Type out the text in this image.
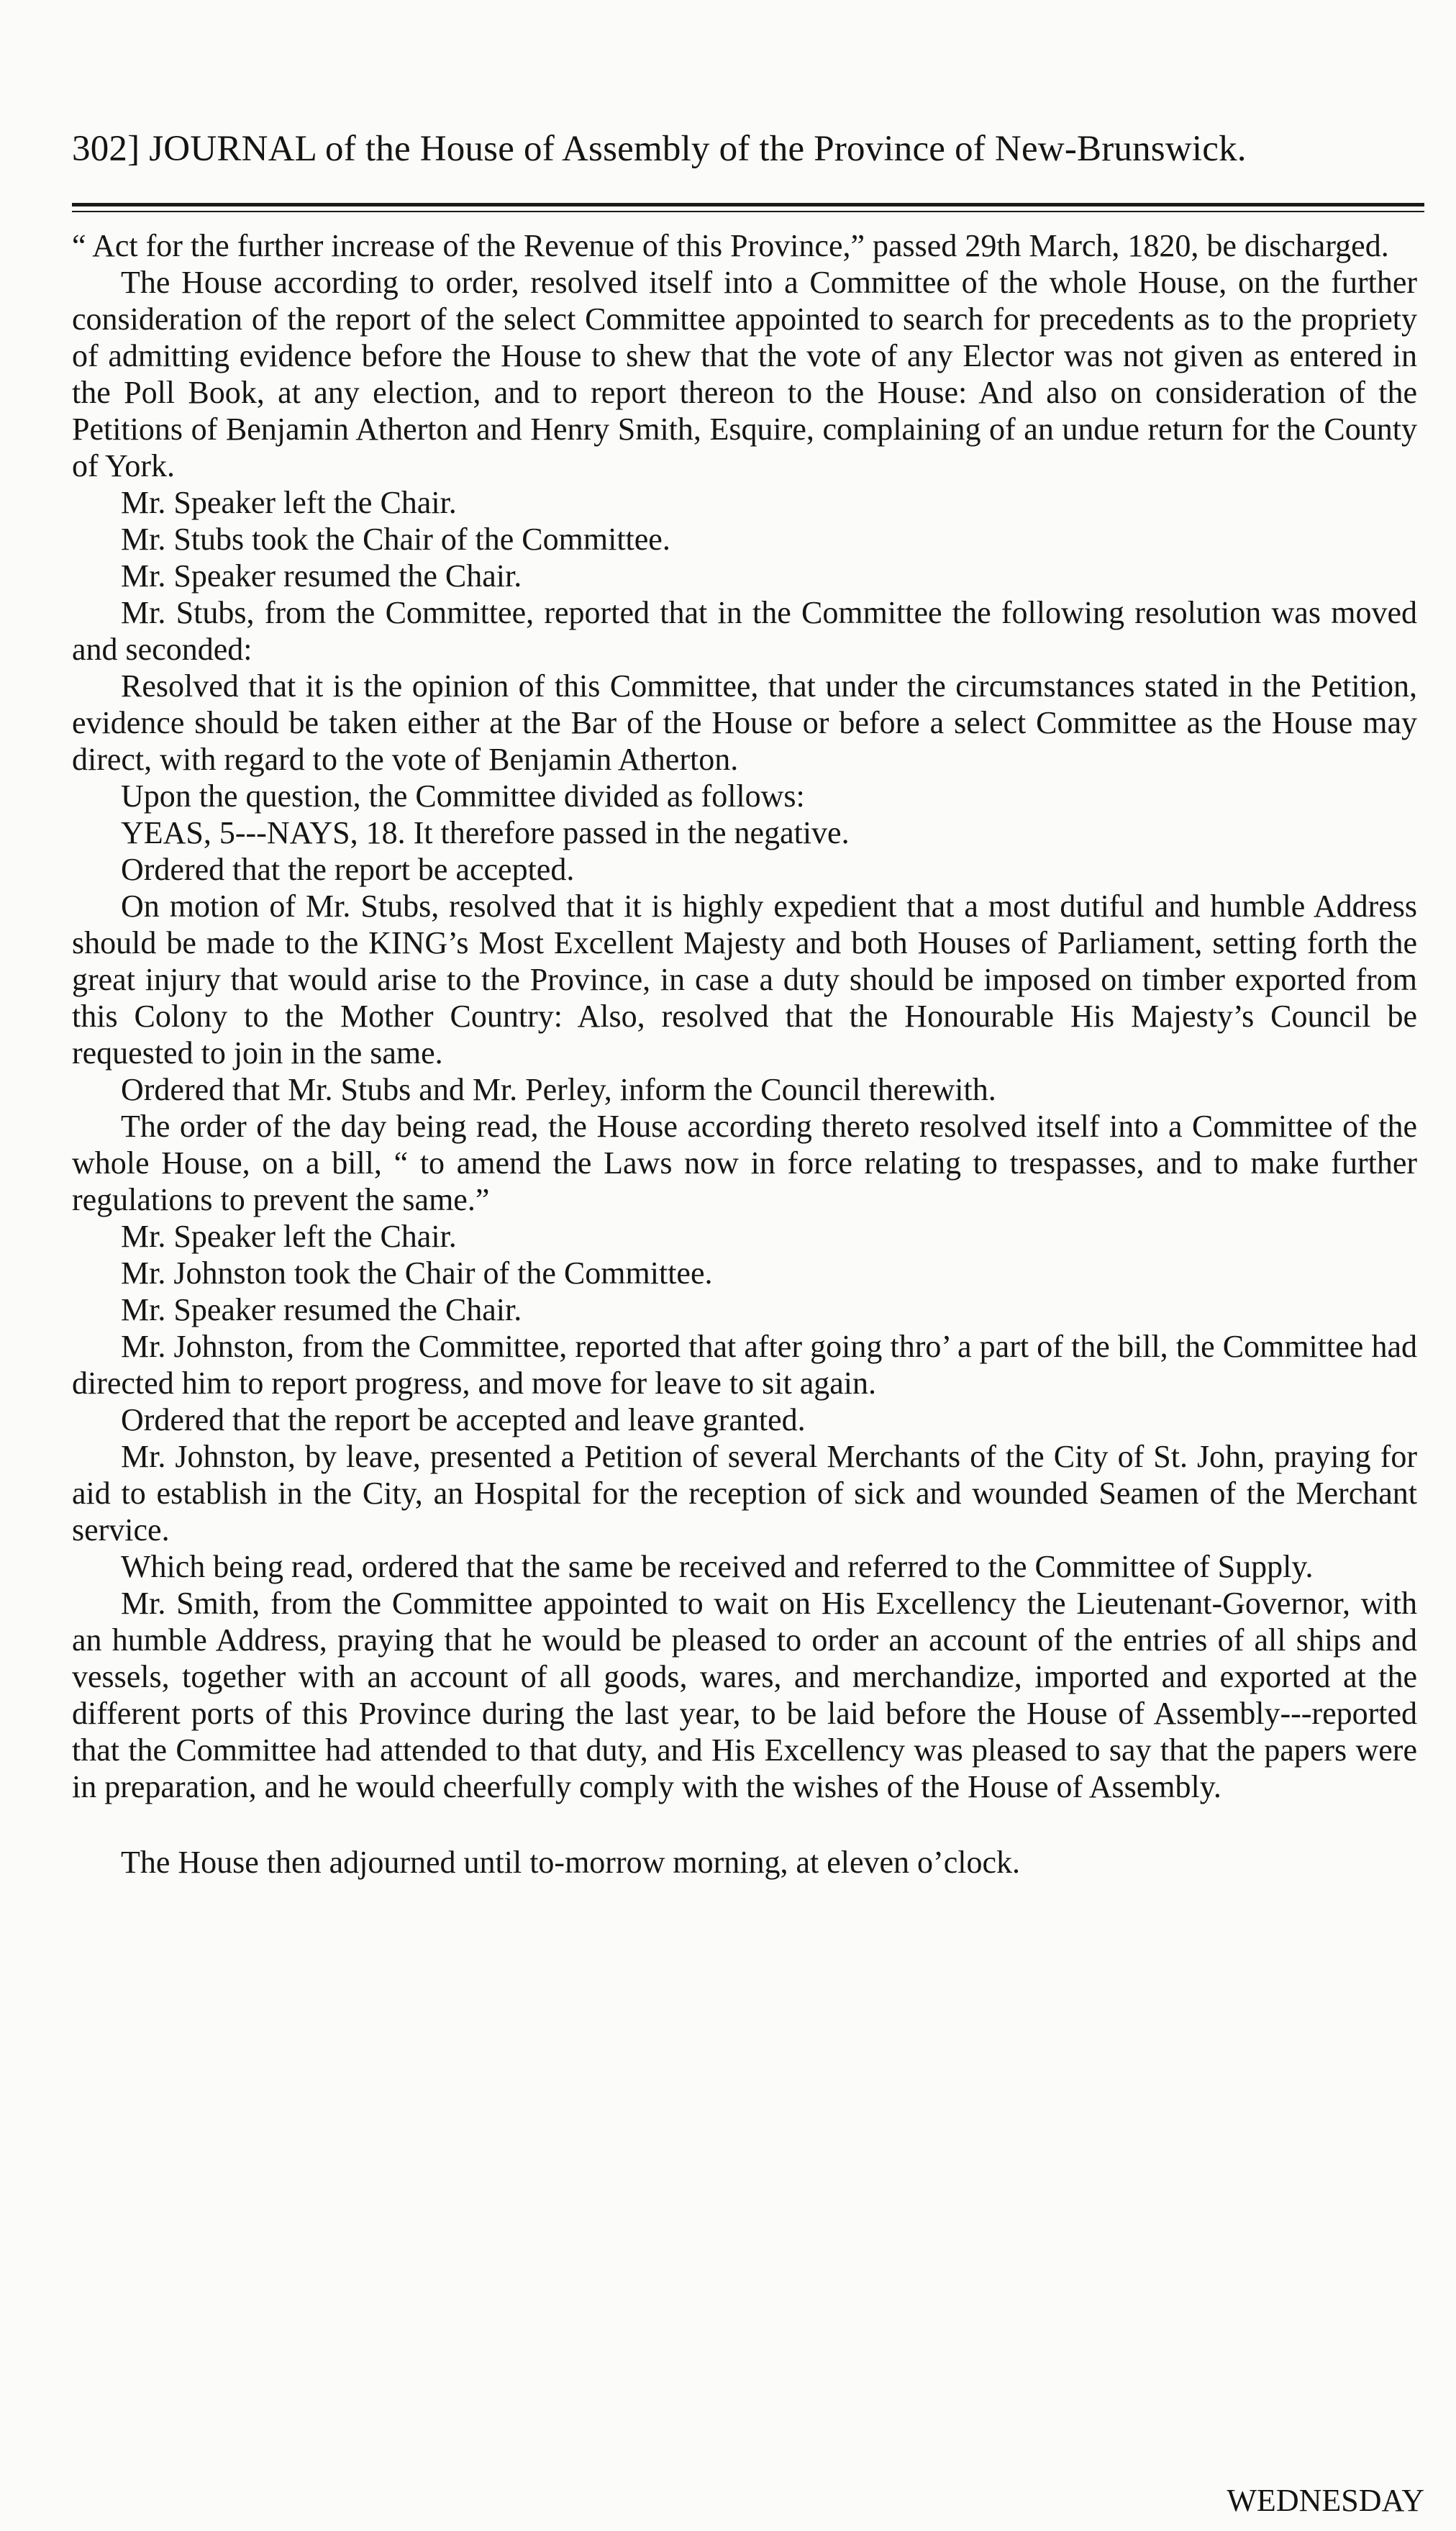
302] JOURNAL of the House of Assembly of the Province of New-Brunswick.

“ Act for the further increase of the Revenue of this Province,” passed 29th March, 1820, be discharged.

The House according to order, resolved itself into a Committee of the whole House, on the further consideration of the report of the select Committee appointed to search for precedents as to the propriety of admitting evidence before the House to shew that the vote of any Elector was not given as entered in the Poll Book, at any election, and to report thereon to the House: And also on consideration of the Petitions of Benjamin Atherton and Henry Smith, Esquire, complaining of an undue return for the County of York.

Mr. Speaker left the Chair.

Mr. Stubs took the Chair of the Committee.

Mr. Speaker resumed the Chair.

Mr. Stubs, from the Committee, reported that in the Committee the following resolution was moved and seconded:

Resolved that it is the opinion of this Committee, that under the circumstances stated in the Petition, evidence should be taken either at the Bar of the House or before a select Committee as the House may direct, with regard to the vote of Benjamin Atherton.

Upon the question, the Committee divided as follows:

YEAS, 5---NAYS, 18. It therefore passed in the negative.

Ordered that the report be accepted.

On motion of Mr. Stubs, resolved that it is highly expedient that a most dutiful and humble Address should be made to the KING’s Most Excellent Majesty and both Houses of Parliament, setting forth the great injury that would arise to the Province, in case a duty should be imposed on timber exported from this Colony to the Mother Country: Also, resolved that the Honourable His Majesty’s Council be requested to join in the same.

Ordered that Mr. Stubs and Mr. Perley, inform the Council therewith.

The order of the day being read, the House according thereto resolved itself into a Committee of the whole House, on a bill, “ to amend the Laws now in force relating to trespasses, and to make further regulations to prevent the same.”

Mr. Speaker left the Chair.

Mr. Johnston took the Chair of the Committee.

Mr. Speaker resumed the Chair.

Mr. Johnston, from the Committee, reported that after going thro’ a part of the bill, the Committee had directed him to report progress, and move for leave to sit again.

Ordered that the report be accepted and leave granted.

Mr. Johnston, by leave, presented a Petition of several Merchants of the City of St. John, praying for aid to establish in the City, an Hospital for the reception of sick and wounded Seamen of the Merchant service.

Which being read, ordered that the same be received and referred to the Committee of Supply.

Mr. Smith, from the Committee appointed to wait on His Excellency the Lieutenant-Governor, with an humble Address, praying that he would be pleased to order an account of the entries of all ships and vessels, together with an account of all goods, wares, and merchandize, imported and exported at the different ports of this Province during the last year, to be laid before the House of Assembly---reported that the Committee had attended to that duty, and His Excellency was pleased to say that the papers were in preparation, and he would cheerfully comply with the wishes of the House of Assembly.

The House then adjourned until to-morrow morning, at eleven o’clock.

WEDNESDAY
